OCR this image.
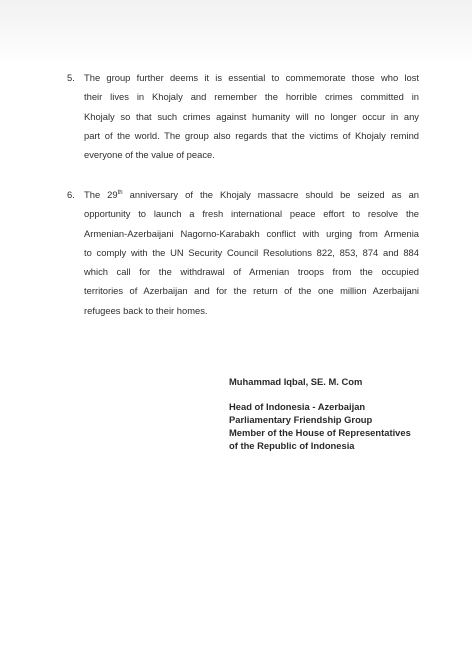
5. The group further deems it is essential to commemorate those who lost
their lives in Khojaly and remember the horrible crimes committed in
Khojaly so that such crimes against humanity will no longer occur in any
part of the world. The group also regards that the victims of Khojaly remind
everyone of the value of peace.
6. The 29th anniversary of the Khojaly massacre should be seized as an
opportunity to launch a fresh international peace effort to resolve the
Armenian-Azerbaijani Nagorno-Karabakh conflict with urging from Armenia
to comply with the UN Security Council Resolutions 822, 853, 874 and 884
which call for the withdrawal of Armenian troops from the occupied
territories of Azerbaijan and for the return of the one million Azerbaijani
refugees back to their homes.
Muhammad Iqbal, SE. M. Com
Head of Indonesia - Azerbaijan
Parliamentary Friendship Group
Member of the House of Representatives
of the Republic of Indonesia
